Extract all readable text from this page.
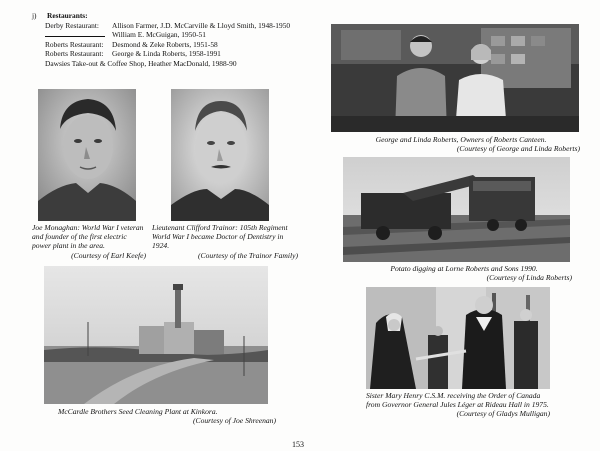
j)	Restaurants:
Derby Restaurant:	Allison Farmer, J.D. McCarville & Lloyd Smith, 1948-1950
William E. McGuigan, 1950-51
Roberts Restaurant:	Desmond & Zeke Roberts, 1951-58
Roberts Restaurant:	George & Linda Roberts, 1958-1991
Dawsies Take-out & Coffee Shop, Heather MacDonald, 1988-90
Joe Monaghan: World War I veteran and founder of the first electric power plant in the area.
(Courtesy of Earl Keefe)
Lieutenant Clifford Trainor: 105th Regiment World War I became Doctor of Dentistry in 1924.
(Courtesy of the Trainor Family)
McCardle Brothers Seed Cleaning Plant at Kinkora.
(Courtesy of Joe Shreenan)
George and Linda Roberts, Owners of Roberts Canteen.
(Courtesy of George and Linda Roberts)
Potato digging at Lorne Roberts and Sons 1990.
(Courtesy of Linda Roberts)
Sister Mary Henry C.S.M. receiving the Order of Canada from Governor General Jules Léger at Rideau Hall in 1975.
(Courtesy of Gladys Mulligan)
153
